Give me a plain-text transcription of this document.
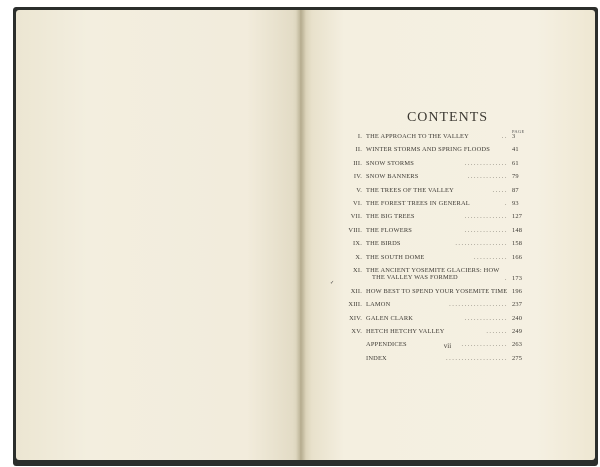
CONTENTS
PAGE
I. THE APPROACH TO THE VALLEY	3
..
II. WINTER STORMS AND SPRING FLOODS	41
III. SNOW STORMS	61
..............
IV. SNOW BANNERS	79
.............
V. THE TREES OF THE VALLEY	87
.....
VI. THE FOREST TREES IN GENERAL	93
.
VII. THE BIG TREES	127
..............
VIII. THE FLOWERS	148
..............
IX. THE BIRDS	158
.................
X. THE SOUTH DOME	166
...........
XI. THE ANCIENT YOSEMITE GLACIERS: HOW
THE VALLEY WAS FORMED	173
.
XII. HOW BEST TO SPEND YOUR YOSEMITE TIME 196
XIII. LAMON	237
...................
XIV. GALEN CLARK	240
..............
XV. HETCH HETCHY VALLEY	249
.......
APPENDICES	263
...............
INDEX	275
....................
✓
vii
